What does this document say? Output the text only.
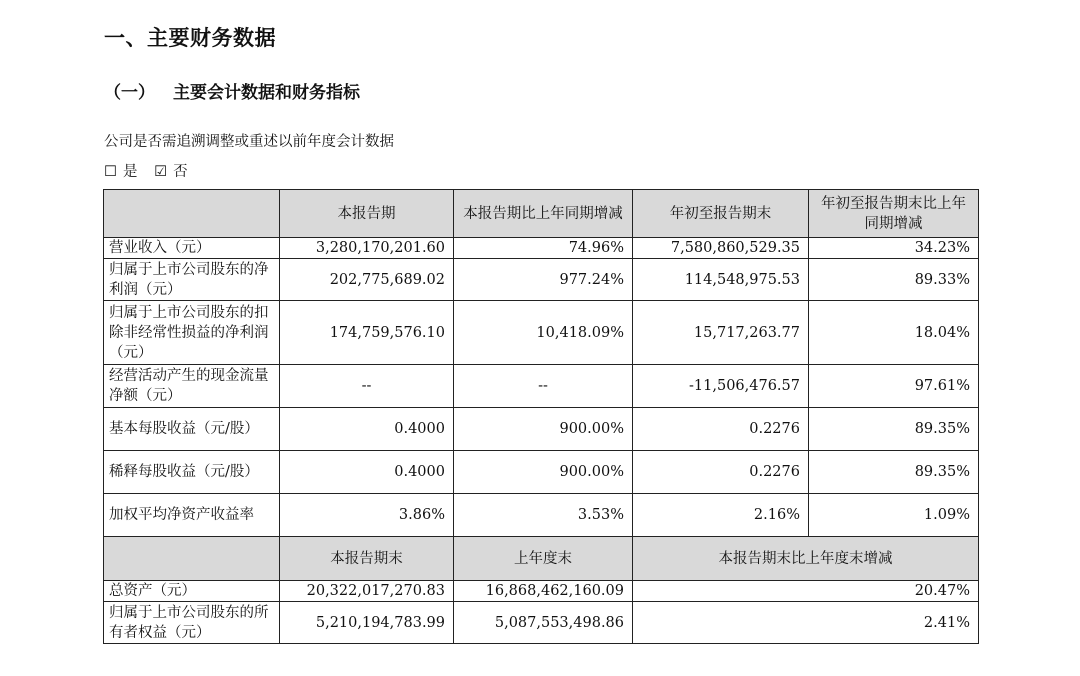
一、主要财务数据
（一） 主要会计数据和财务指标
公司是否需追溯调整或重述以前年度会计数据
☐ 是 ☑ 否
	本报告期	本报告期比上年同期增减	年初至报告期末	年初至报告期末比上年同期增减
营业收入（元）	3,280,170,201.60	74.96%	7,580,860,529.35	34.23%
归属于上市公司股东的净利润（元）	202,775,689.02	977.24%	114,548,975.53	89.33%
归属于上市公司股东的扣除非经常性损益的净利润（元）	174,759,576.10	10,418.09%	15,717,263.77	18.04%
经营活动产生的现金流量净额（元）	--	--	-11,506,476.57	97.61%
基本每股收益（元/股）	0.4000	900.00%	0.2276	89.35%
稀释每股收益（元/股）	0.4000	900.00%	0.2276	89.35%
加权平均净资产收益率	3.86%	3.53%	2.16%	1.09%
	本报告期末	上年度末	本报告期末比上年度末增减	
总资产（元）	20,322,017,270.83	16,868,462,160.09	20.47%	
归属于上市公司股东的所有者权益（元）	5,210,194,783.99	5,087,553,498.86	2.41%	
